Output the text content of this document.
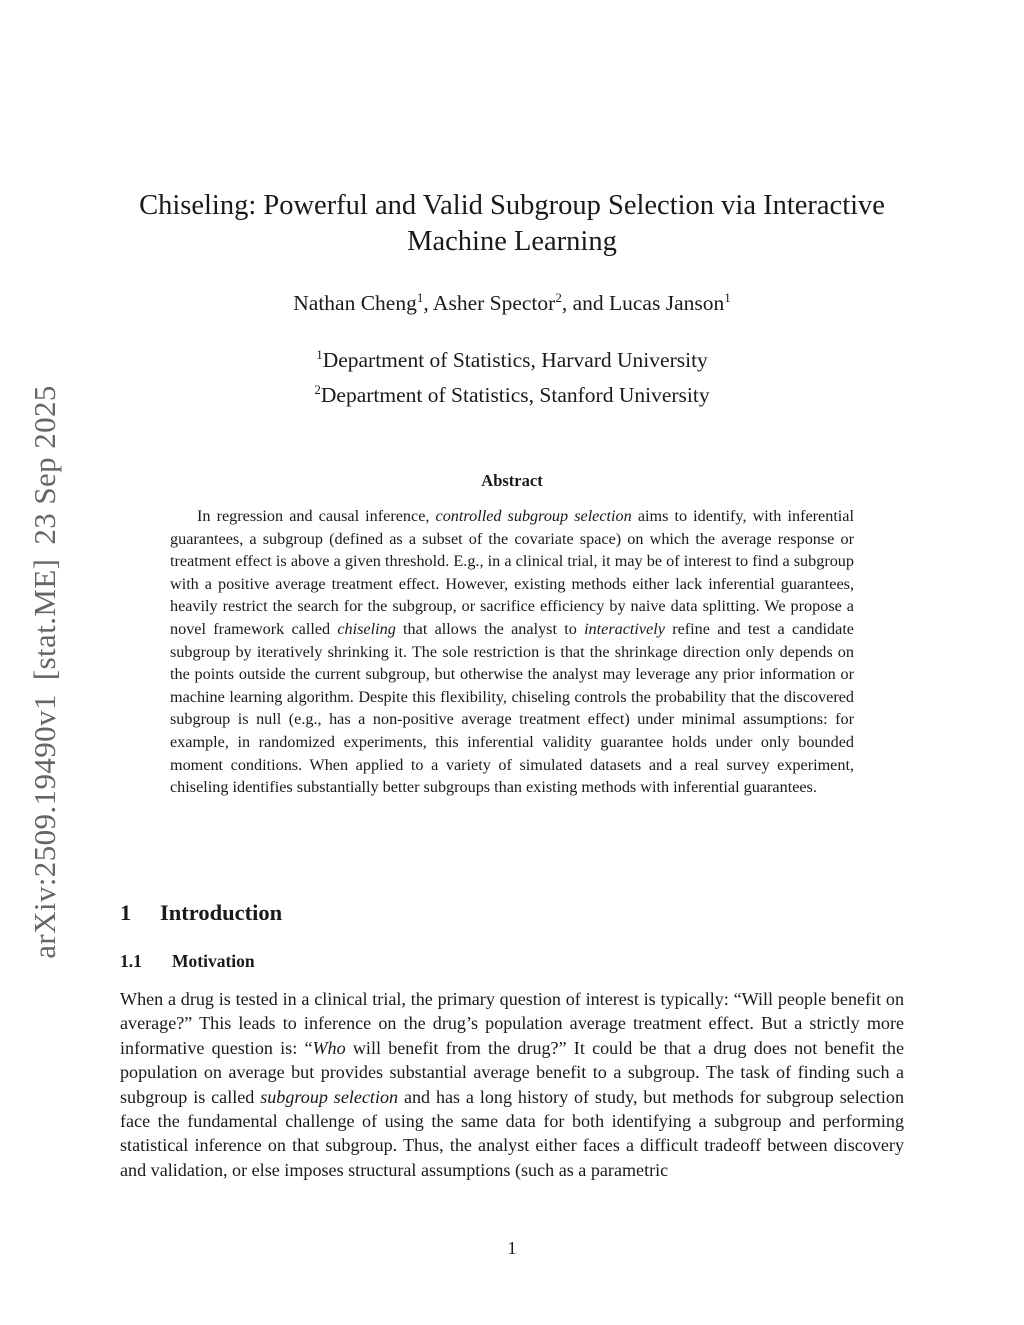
arXiv:2509.19490v1[stat.ME]23 Sep 2025
Chiseling: Powerful and Valid Subgroup Selection via Interactive
Machine Learning
Nathan Cheng$^1$, Asher Spector$^2$, and Lucas Janson$^1$
$^1$Department of Statistics, Harvard University
$^2$Department of Statistics, Stanford University
Abstract

In regression and causal inference, controlled subgroup selection aims to identify, with inferential guarantees, a subgroup (defined as a subset of the covariate space) on which the average response or treatment effect is above a given threshold. E.g., in a clinical trial, it may be of interest to find a subgroup with a positive average treatment effect. However, existing methods either lack inferential guarantees, heavily restrict the search for the subgroup, or sacrifice efficiency by naive data splitting. We propose a novel framework called chiseling that allows the analyst to interactively refine and test a candidate subgroup by iteratively shrinking it. The sole restriction is that the shrinkage direction only depends on the points outside the current subgroup, but otherwise the analyst may leverage any prior information or machine learning algorithm. Despite this flexibility, chiseling controls the probability that the discovered subgroup is null (e.g., has a non-positive average treatment effect) under minimal assumptions: for example, in randomized experiments, this inferential validity guarantee holds under only bounded moment conditions. When applied to a variety of simulated datasets and a real survey experiment, chiseling identifies substantially better subgroups than existing methods with inferential guarantees.

1 Introduction
1.1 Motivation

When a drug is tested in a clinical trial, the primary question of interest is typically: “Will people benefit on average?” This leads to inference on the drug’s population average treatment effect. But a strictly more informative question is: “Who will benefit from the drug?” It could be that a drug does not benefit the population on average but provides substantial average benefit to a subgroup. The task of finding such a subgroup is called subgroup selection and has a long history of study, but methods for subgroup selection face the fundamental challenge of using the same data for both identifying a subgroup and performing statistical inference on that subgroup. Thus, the analyst either faces a difficult tradeoff between discovery and validation, or else imposes structural assumptions (such as a parametric

1
